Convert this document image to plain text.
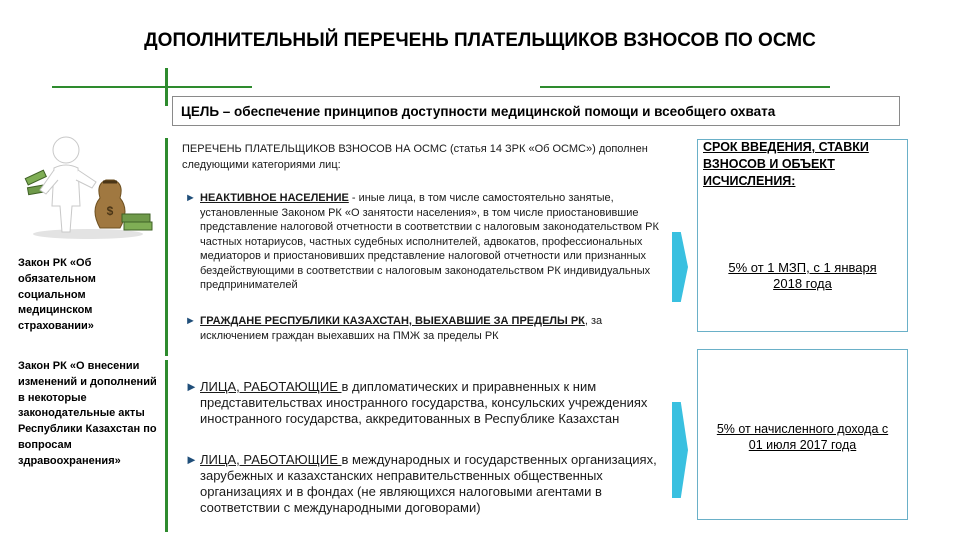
ДОПОЛНИТЕЛЬНЫЙ ПЕРЕЧЕНЬ ПЛАТЕЛЬЩИКОВ ВЗНОСОВ ПО ОСМС
ЦЕЛЬ – обеспечение принципов доступности медицинской помощи и всеобщего охвата
$
Закон РК «Об обязательном социальном медицинском страховании»
Закон РК «О внесении изменений и дополнений в некоторые законодательные акты Республики Казахстан по вопросам здравоохранения»
ПЕРЕЧЕНЬ ПЛАТЕЛЬЩИКОВ ВЗНОСОВ НА ОСМС (статья 14 ЗРК «Об ОСМС») дополнен следующими категориями лиц:
► НЕАКТИВНОЕ НАСЕЛЕНИЕ - иные лица, в том числе самостоятельно занятые, установленные Законом РК «О занятости населения», в том числе приостановившие представление налоговой отчетности в соответствии с налоговым законодательством РК частных нотариусов, частных судебных исполнителей, адвокатов, профессиональных медиаторов и приостановивших представление налоговой отчетности или признанных бездействующими в соответствии с налоговым законодательством РК индивидуальных предпринимателей
► ГРАЖДАНЕ РЕСПУБЛИКИ КАЗАХСТАН, ВЫЕХАВШИЕ ЗА ПРЕДЕЛЫ РК, за исключением граждан выехавших на ПМЖ за пределы РК
► ЛИЦА, РАБОТАЮЩИЕ в дипломатических и приравненных к ним представительствах иностранного государства, консульских учреждениях иностранного государства, аккредитованных в Республике Казахстан
► ЛИЦА, РАБОТАЮЩИЕ в международных и государственных организациях, зарубежных и казахстанских неправительственных общественных организациях и в фондах (не являющихся налоговыми агентами в соответствии с международными договорами)
СРОК ВВЕДЕНИЯ, СТАВКИ ВЗНОСОВ И ОБЪЕКТ ИСЧИСЛЕНИЯ:
5% от 1 МЗП, с 1 января 2018 года
5% от начисленного дохода с 01 июля 2017 года
